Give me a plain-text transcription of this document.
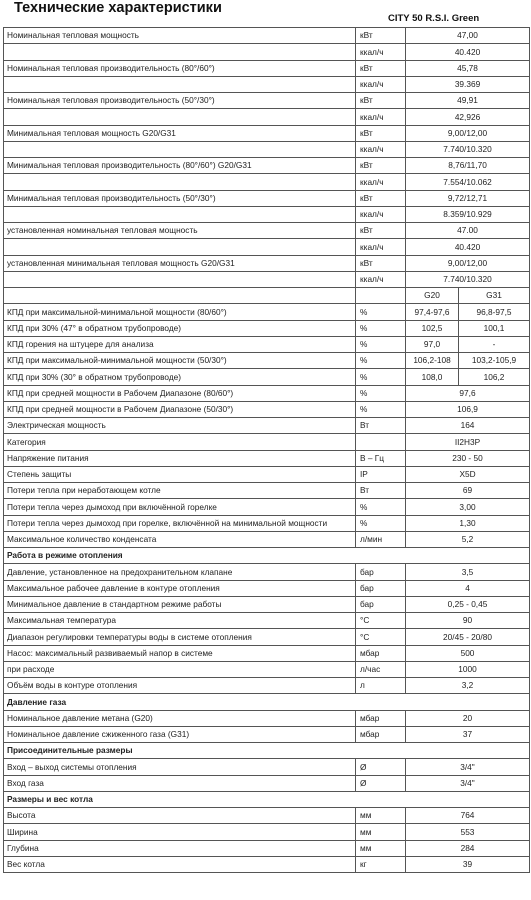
Технические характеристики
CITY 50 R.S.I. Green
Номинальная тепловая мощность	кВт	47,00	
	ккал/ч	40.420	
Номинальная тепловая производительность (80°/60°)	кВт	45,78	
	ккал/ч	39.369	
Номинальная тепловая производительность (50°/30°)	кВт	49,91	
	ккал/ч	42,926	
Минимальная тепловая мощность G20/G31	кВт	9,00/12,00	
	ккал/ч	7.740/10.320	
Минимальная тепловая производительность (80°/60°) G20/G31	кВт	8,76/11,70	
	ккал/ч	7.554/10.062	
Минимальная тепловая производительность (50°/30°)	кВт	9,72/12,71	
	ккал/ч	8.359/10.929	
установленная номинальная тепловая мощность	кВт	47.00	
	ккал/ч	40.420	
установленная минимальная тепловая мощность G20/G31	кВт	9,00/12,00	
	ккал/ч	7.740/10.320	
		G20	G31
КПД при максимальной-минимальной мощности (80/60°)	%	97,4-97,6	96,8-97,5
КПД при 30% (47° в обратном трубопроводе)	%	102,5	100,1
КПД горения на штуцере для анализа	%	97,0	-
КПД при максимальной-минимальной мощности (50/30°)	%	106,2-108	103,2-105,9
КПД при 30% (30° в обратном трубопроводе)	%	108,0	106,2
КПД при средней мощности в Рабочем Диапазоне (80/60°)	%	97,6	
КПД при средней мощности в Рабочем Диапазоне (50/30°)	%	106,9	
Электрическая мощность	Вт	164	
Категория		II2H3P	
Напряжение питания	В – Гц	230 - 50	
Степень защиты	IP	X5D	
Потери тепла при неработающем котле	Вт	69	
Потери тепла через дымоход при включённой горелке	%	3,00	
Потери тепла через дымоход при горелке, включённой на минимальной мощности	%	1,30	
Максимальное количество конденсата	л/мин	5,2	
Работа в режиме отопления			
Давление, установленное на предохранительном клапане	бар	3,5	
Максимальное рабочее давление в контуре отопления	бар	4	
Минимальное давление в стандартном режиме работы	бар	0,25 - 0,45	
Максимальная температура	°C	90	
Диапазон регулировки температуры воды в системе отопления	°C	20/45 - 20/80	
Насос: максимальный развиваемый напор в системе	мбар	500	
при расходе	л/час	1000	
Объём воды в контуре отопления	л	3,2	
Давление газа			
Номинальное давление метана (G20)	мбар	20	
Номинальное давление сжиженного газа (G31)	мбар	37	
Присоединительные размеры			
Вход – выход системы отопления	Ø	3/4"	
Вход газа	Ø	3/4"	
Размеры и вес котла			
Высота	мм	764	
Ширина	мм	553	
Глубина	мм	284	
Вес котла	кг	39	
